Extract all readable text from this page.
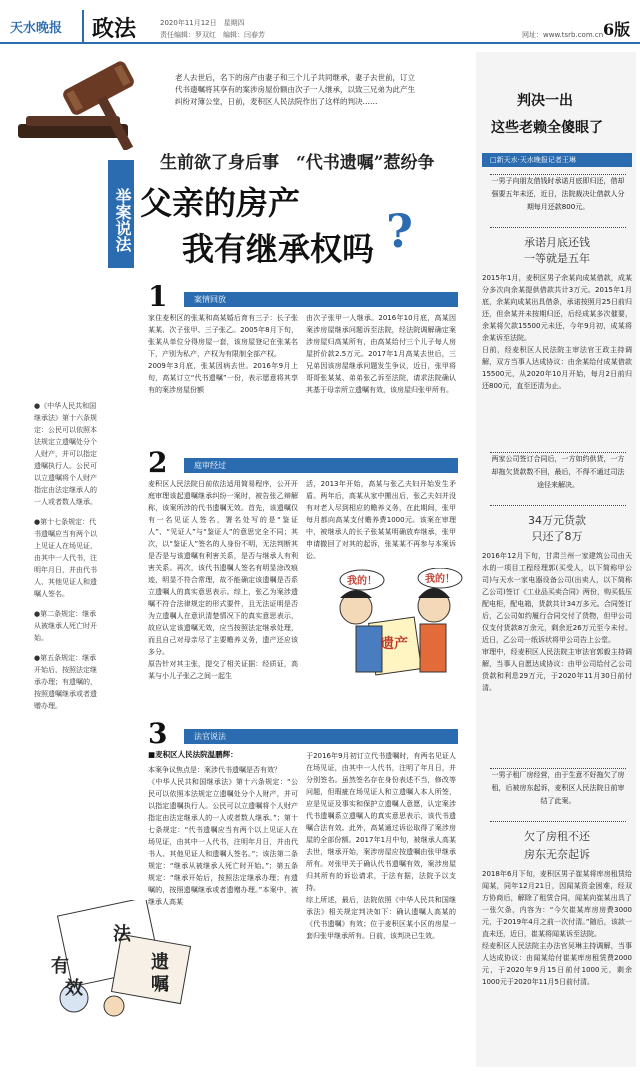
天水晚报 政法	2020年11月12日　星期四
责任编辑：罗双红　编辑：闫春芳	网址：www.tsrb.com.cn 6版
老人去世后，名下的房产由妻子和三个儿子共同继承，妻子去世前，订立代书遗嘱将其享有的案涉房屋份额由次子一人继承，以致三兄弟为此产生纠纷对簿公堂，日前，麦积区人民法院作出了这样的判决……
生前欲了身后事　“代书遗嘱”惹纷争
举案说法 父亲的房产
我有继承权吗 ?

●《中华人民共和国继承法》第十六条规定：公民可以依照本法规定立遗嘱处分个人财产，并可以指定遗嘱执行人。公民可以立遗嘱将个人财产指定由法定继承人的一人或者数人继承。

●第十七条规定：代书遗嘱应当有两个以上见证人在场见证，由其中一人代书，注明年月日，并由代书人、其他见证人和遗嘱人签名。

●第二条规定：继承从被继承人死亡时开始。

●第五条规定：继承开始后，按照法定继承办理；有遗嘱的，按照遗嘱继承或者遗赠办理。

1	案情回放
家住麦积区的张某和高某婚后育有三子：长子张某某、次子张甲、三子张乙。2005年8月下旬，张某从单位分得房屋一套，该房屋登记在张某名下，产别为私产，产权为有限制全部产权。
2009年3月底，张某因病去世。2016年9月上旬，高某订立“代书遗嘱”一份，表示愿意将其享有的案涉房屋份额
由次子张甲一人继承。2016年10月底，高某因案涉房屋继承问题诉至法院，经法院调解确定案涉房屋归高某所有，由高某给付三个儿子每人房屋折价款2.5万元。2017年1月高某去世后，三兄弟因该房屋继承问题发生争议，近日，张甲将哥哥张某某、弟弟张乙诉至法院，请求法院确认其基于母亲所立遗嘱有效，该房屋归张甲所有。
2	庭审经过
麦积区人民法院日前依法适用简易程序，公开开庭审理该起遗嘱继承纠纷一案时，被告张乙辩解称，该案所涉的代书遗嘱无效。首先，该遗嘱仅有一名见证人签名，署名处写的是“鉴证人”、“见证人”与“鉴证人”的意思完全不同；其次，以“鉴证人”签名的人身份不明，无法判断其是否是与该遗嘱有利害关系，是否与继承人有利害关系。再次，该代书遗嘱人签名有明显涂改痕迹，明显不符合常理，故不能确定该遗嘱是否系立遗嘱人的真实意思表示。综上，张乙为案涉遗嘱不符合法律规定的形式要件，且无法证明是否为立遗嘱人在意识清楚情况下的真实意思表示，故应认定该遗嘱无效，应当按照法定继承处理，而且自己对母亲尽了主要赡养义务，遗产还应该多分。
原告针对其主张，提交了相关证据：经质证，高某与小儿子张乙之间一起生
活，2013年开始，高某与张乙夫妇开始发生矛盾。两年后，高某从家中搬出后，张乙夫妇并没有对老人尽到相应的赡养义务，在此期间，张甲每月都向高某支付赡养费1000元。该案在审理中，被继承人的长子张某某明确放弃继承，张甲申请撤回了对其的起诉，张某某不再参与本案诉讼。
我的！	我的！
遗产
3	法官说法
■麦积区人民法院温鹏辉：
本案争议焦点是：案涉代书遗嘱是否有效？
《中华人民共和国继承法》第十六条规定：“公民可以依照本法规定立遗嘱处分个人财产，并可以指定遗嘱执行人。公民可以立遗嘱将个人财产指定由法定继承人的一人或者数人继承。”；第十七条规定：“代书遗嘱应当有两个以上见证人在场见证，由其中一人代书，注明年月日，并由代书人、其他见证人和遗嘱人签名。”；该法第二条规定：“继承从被继承人死亡时开始。”；第五条规定：“继承开始后，按照法定继承办理；有遗嘱的，按照遗嘱继承或者遗赠办理。”本案中，被继承人高某
于2016年9月初订立代书遗嘱时，有两名见证人在场见证，由其中一人代书，注明了年月日，并分别签名。虽然签名存在身份表述不当，修改等问题，但瑕疵在场见证人和立遗嘱人本人所签，应是见证及事实和保护立遗嘱人意愿，认定案涉代书遗嘱系立遗嘱人的真实意思表示，该代书遗嘱合法有效。此外，高某通过诉讼取得了案涉房屋的全部份额。2017年1月中旬，被继承人高某去世，继承开始，案涉房屋应按遗嘱由张甲继承所有。对张甲关于确认代书遗嘱有效，案涉房屋归其所有的诉讼请求，于法有据，法院予以支持。
综上所述，最后，法院依照《中华人民共和国继承法》相关规定判决如下：确认遗嘱人高某的《代书遗嘱》有效；位于麦积区某小区的房屋一套归张甲继承所有。日前，该判决已生效。
法
遗
嘱
有
效
判决一出
这些老赖全傻眼了
□新天水·天水晚报记者王琳
一男子向朋友借钱时承诺月底即归还，借却强要五年未还，近日，法院裁决让借款人分期每月还款800元。
承诺月底还钱
一等就是五年
2015年1月，麦积区男子余某向成某借款，成某分多次向余某提供借款共计3万元。2015年1月底，余某向成某出具借条，承诺按照月25日前归还，但余某并未按期归还，后经成某多次催要，余某将欠款15500元未还，今年9月初，成某将余某诉至法院。
日前，经麦积区人民法院主审法官王政主持调解，双方当事人达成协议：由余某给付成某借款15500元，从2020年10月开始，每月2日前归还800元，直至还清为止。
两家公司签订合同后，一方如约供货，一方却拖欠货款数不回，最后，不得不通过司法途径来解决。
34万元货款
只还了8万
2016年12月下旬，甘肃兰州一家建筑公司由天水的一项目工程经理郭(买受人，以下简称甲公司)与天水一家电器设备公司(出卖人，以下简称乙公司)签订《工业品买卖合同》两份，购买低压配电柜，配电箱，货款共计34万多元。合同签订后，乙公司如约履行合同交付了货物，但甲公司仅支付货款8万余元，剩余近26万元至今未付。近日，乙公司一纸诉状将甲公司告上公堂。
审理中，经麦积区人民法院主审法官郭毅主持调解，当事人自愿达成协议：由甲公司给付乙公司货款和利息29万元，于2020年11月30日前付清。
一男子租厂房经营，由于生意不好拖欠了房租，后被房东起诉，麦积区人民法院日前审结了此案。
欠了房租不还
房东无奈起诉
2018年6月下旬，麦积区男子崔某将库房租赁给闻某，同年12月21日，因闻某资金困难，经双方协商后，解除了租赁合同，闻某向崔某出具了一张欠条，内容为：“今欠崔某库房房费3000元，于2019年4月之前一次付清。”随后，该款一直未还，近日，崔某将闻某诉至法院。
经麦积区人民法院主办法官吴琳主持调解，当事人达成协议：由闻某给付崔某库房租赁费2000元，于2020年9月15日前付1000元，剩余1000元于2020年11月5日前付清。
